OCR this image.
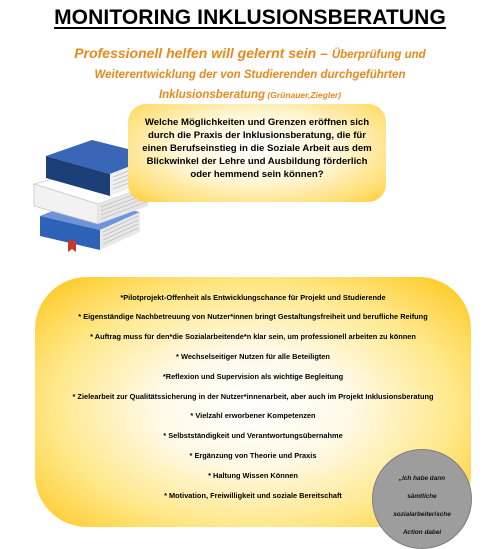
MONITORING INKLUSIONSBERATUNG

Professionell helfen will gelernt sein – Überprüfung und Weiterentwicklung der von Studierenden durchgeführten Inklusionsberatung (Grünauer,Ziegler)

Welche Möglichkeiten und Grenzen eröffnen sich durch die Praxis der Inklusionsberatung, die für einen Berufseinstieg in die Soziale Arbeit aus dem Blickwinkel der Lehre und Ausbildung förderlich oder hemmend sein können?

*Pilotprojekt-Offenheit als Entwicklungschance für Projekt und Studierende
* Eigenständige Nachbetreuung von Nutzer*innen bringt Gestaltungsfreiheit und berufliche Reifung
* Auftrag muss für den*die Sozialarbeitende*n klar sein, um professionell arbeiten zu können
* Wechselseitiger Nutzen für alle Beteiligten
*Reflexion und Supervision als wichtige Begleitung
* Zielearbeit zur Qualitätssicherung in der Nutzer*innenarbeit, aber auch im Projekt Inklusionsberatung
* Vielzahl erworbener Kompetenzen
* Selbstständigkeit und Verantwortungsübernahme
* Ergänzung von Theorie und Praxis
* Haltung Wissen Können
* Motivation, Freiwilligkeit und soziale Bereitschaft
„Ich habe dann
sämtliche
sozialarbeiterische
Action dabei
